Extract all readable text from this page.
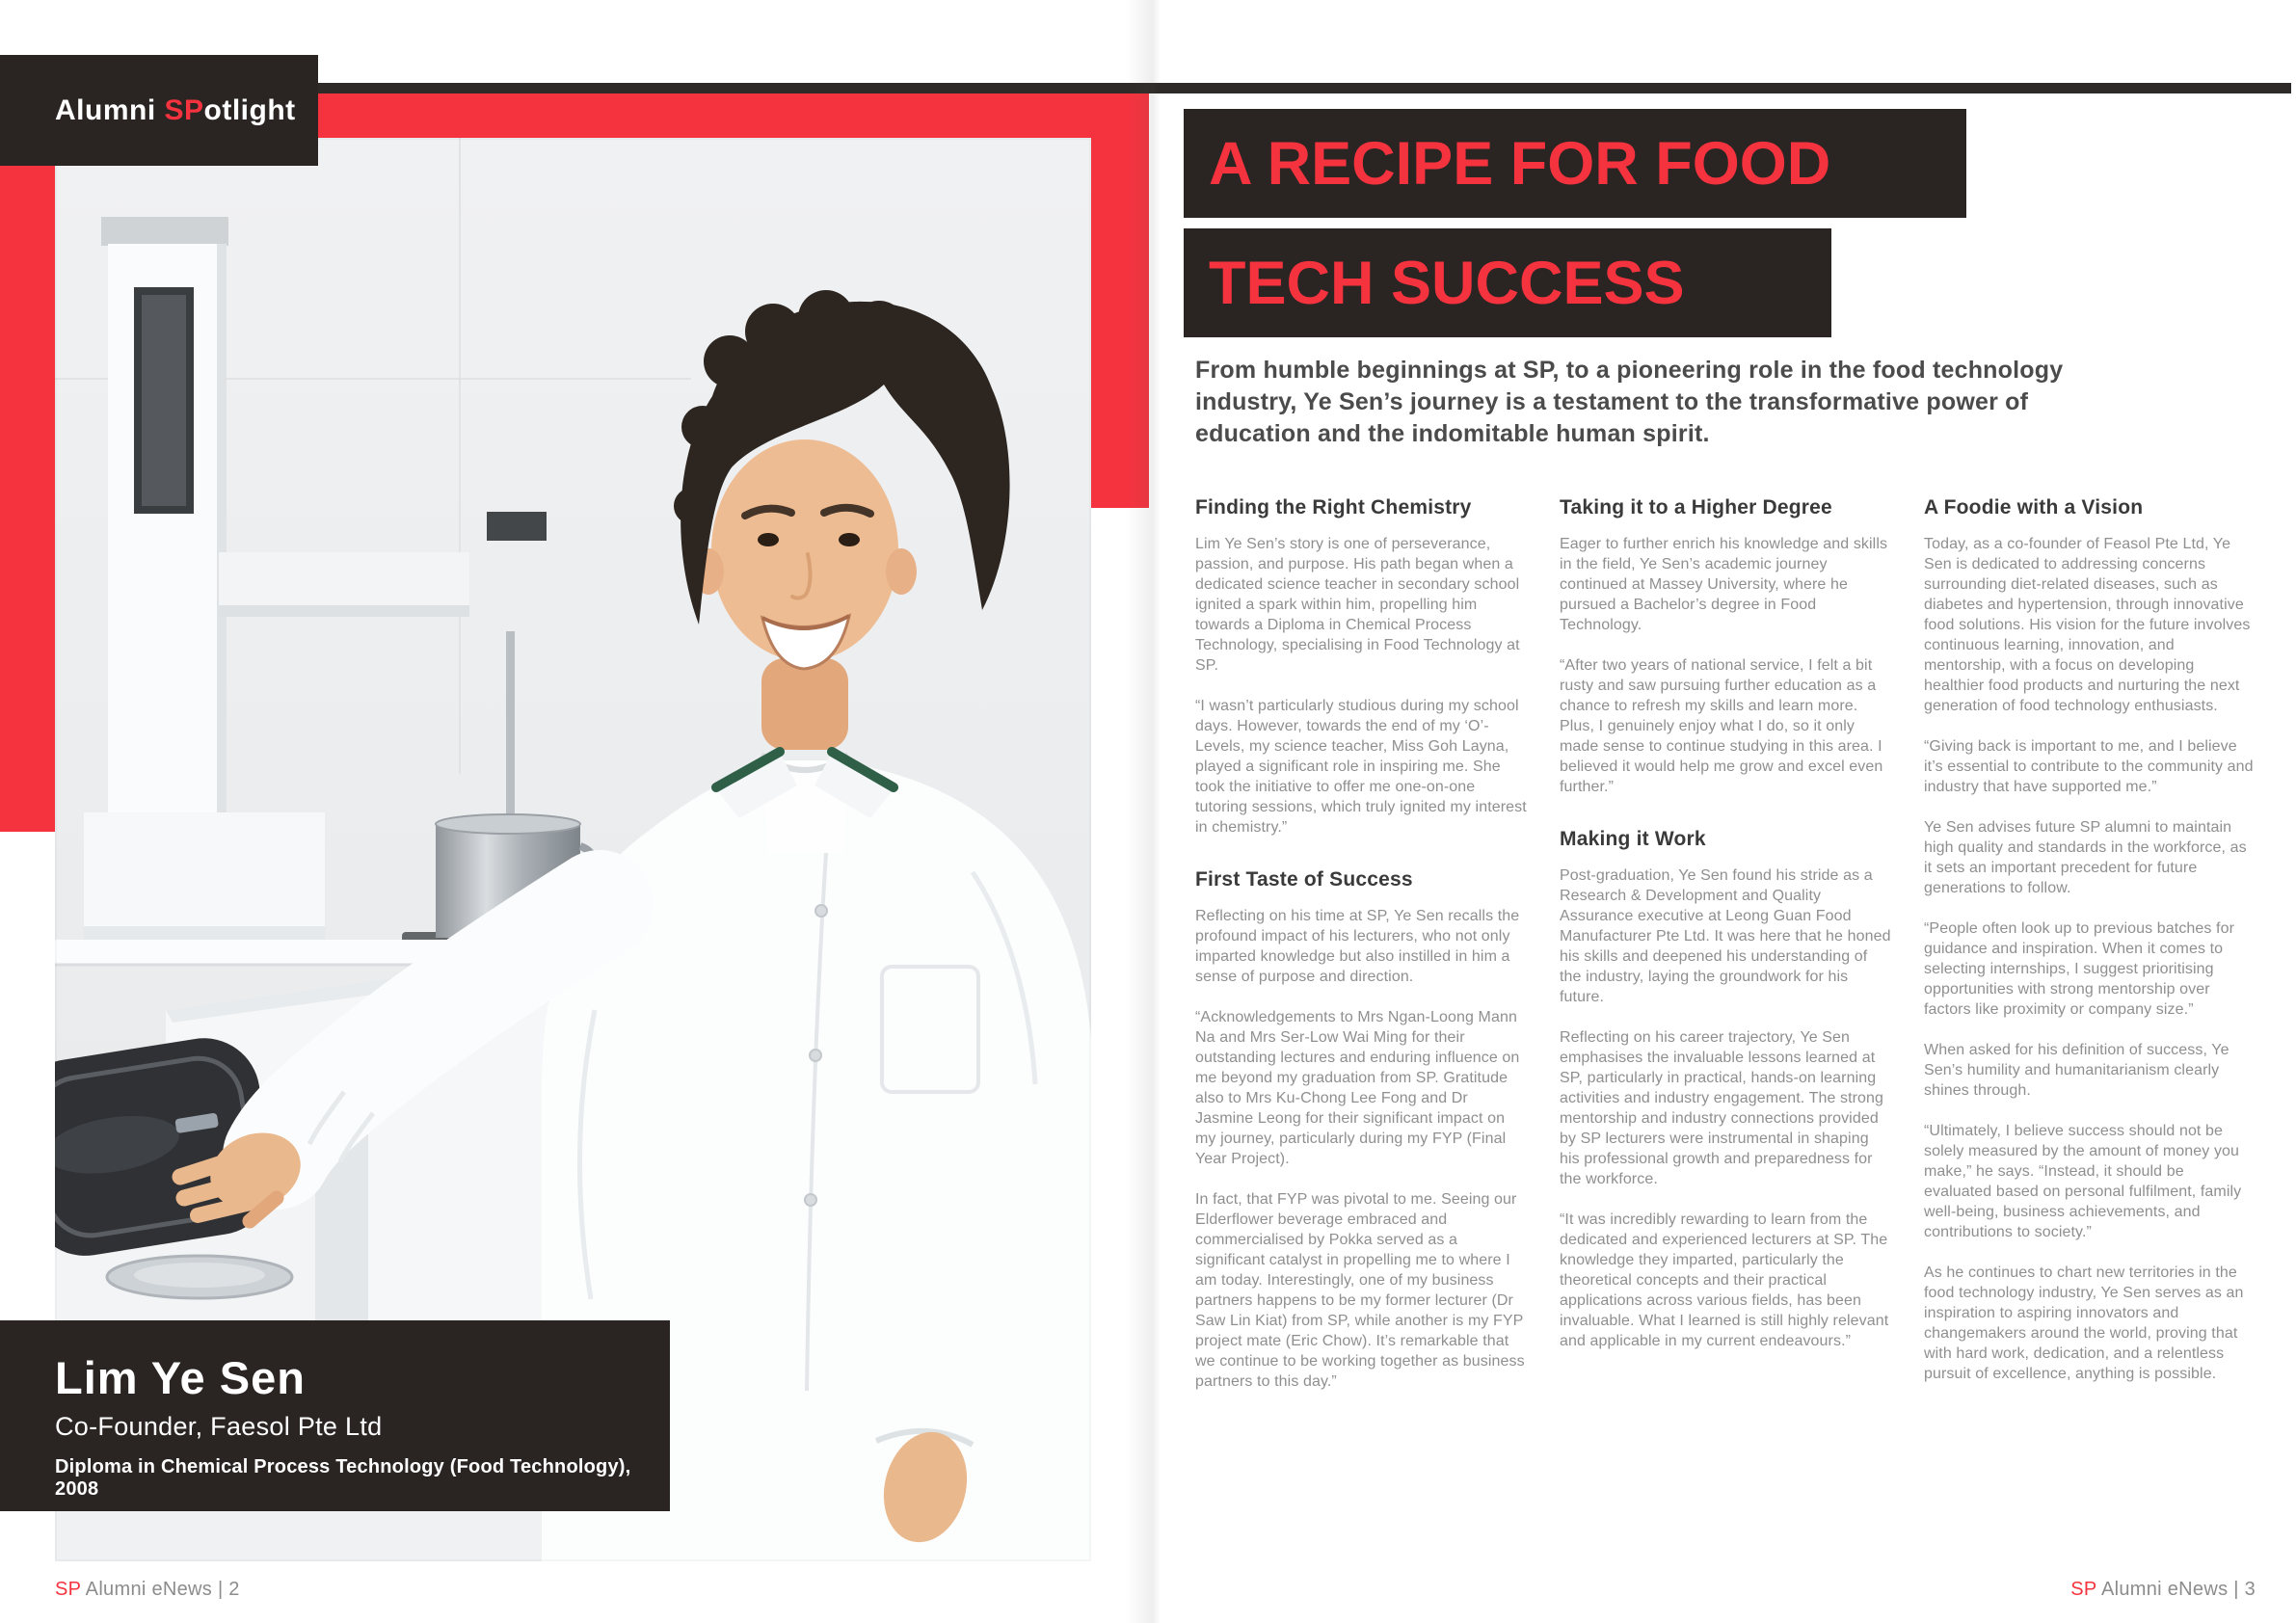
Alumni SPotlight
Lim Ye Sen
Co-Founder, Faesol Pte Ltd
Diploma in Chemical Process Technology (Food Technology), 2008
A RECIPE FOR FOOD
TECH SUCCESS
From humble beginnings at SP, to a pioneering role in the food technology
industry, Ye Sen’s journey is a testament to the transformative power of
education and the indomitable human spirit.
Finding the Right Chemistry

Lim Ye Sen’s story is one of perseverance, passion, and purpose. His path began when a dedicated science teacher in secondary school ignited a spark within him, propelling him towards a Diploma in Chemical Process Technology, specialising in Food Technology at SP.

“I wasn’t particularly studious during my school days. However, towards the end of my ‘O’-Levels, my science teacher, Miss Goh Layna, played a significant role in inspiring me. She took the initiative to offer me one-on-one tutoring sessions, which truly ignited my interest in chemistry.”

First Taste of Success

Reflecting on his time at SP, Ye Sen recalls the profound impact of his lecturers, who not only imparted knowledge but also instilled in him a sense of purpose and direction.

“Acknowledgements to Mrs Ngan-Loong Mann Na and Mrs Ser-Low Wai Ming for their outstanding lectures and enduring influence on me beyond my graduation from SP. Gratitude also to Mrs Ku-Chong Lee Fong and Dr Jasmine Leong for their significant impact on my journey, particularly during my FYP (Final Year Project).

In fact, that FYP was pivotal to me. Seeing our Elderflower beverage embraced and commercialised by Pokka served as a significant catalyst in propelling me to where I am today. Interestingly, one of my business partners happens to be my former lecturer (Dr Saw Lin Kiat) from SP, while another is my FYP project mate (Eric Chow). It’s remarkable that we continue to be working together as business partners to this day.”

Taking it to a Higher Degree

Eager to further enrich his knowledge and skills in the field, Ye Sen’s academic journey continued at Massey University, where he pursued a Bachelor’s degree in Food Technology.

“After two years of national service, I felt a bit rusty and saw pursuing further education as a chance to refresh my skills and learn more. Plus, I genuinely enjoy what I do, so it only made sense to continue studying in this area. I believed it would help me grow and excel even further.”

Making it Work

Post-graduation, Ye Sen found his stride as a Research & Development and Quality Assurance executive at Leong Guan Food Manufacturer Pte Ltd. It was here that he honed his skills and deepened his understanding of the industry, laying the groundwork for his future.

Reflecting on his career trajectory, Ye Sen emphasises the invaluable lessons learned at SP, particularly in practical, hands-on learning activities and industry engagement. The strong mentorship and industry connections provided by SP lecturers were instrumental in shaping his professional growth and preparedness for the workforce.

“It was incredibly rewarding to learn from the dedicated and experienced lecturers at SP. The knowledge they imparted, particularly the theoretical concepts and their practical applications across various fields, has been invaluable. What I learned is still highly relevant and applicable in my current endeavours.”

A Foodie with a Vision

Today, as a co-founder of Feasol Pte Ltd, Ye Sen is dedicated to addressing concerns surrounding diet-related diseases, such as diabetes and hypertension, through innovative food solutions. His vision for the future involves continuous learning, innovation, and mentorship, with a focus on developing healthier food products and nurturing the next generation of food technology enthusiasts.

“Giving back is important to me, and I believe it’s essential to contribute to the community and industry that have supported me.”

Ye Sen advises future SP alumni to maintain high quality and standards in the workforce, as it sets an important precedent for future generations to follow.

“People often look up to previous batches for guidance and inspiration. When it comes to selecting internships, I suggest prioritising opportunities with strong mentorship over factors like proximity or company size.”

When asked for his definition of success, Ye Sen’s humility and humanitarianism clearly shines through.

“Ultimately, I believe success should not be solely measured by the amount of money you make,” he says. “Instead, it should be evaluated based on personal fulfilment, family well-being, business achievements, and contributions to society.”

As he continues to chart new territories in the food technology industry, Ye Sen serves as an inspiration to aspiring innovators and changemakers around the world, proving that with hard work, dedication, and a relentless pursuit of excellence, anything is possible.

SP Alumni eNews | 2	SP Alumni eNews | 3
